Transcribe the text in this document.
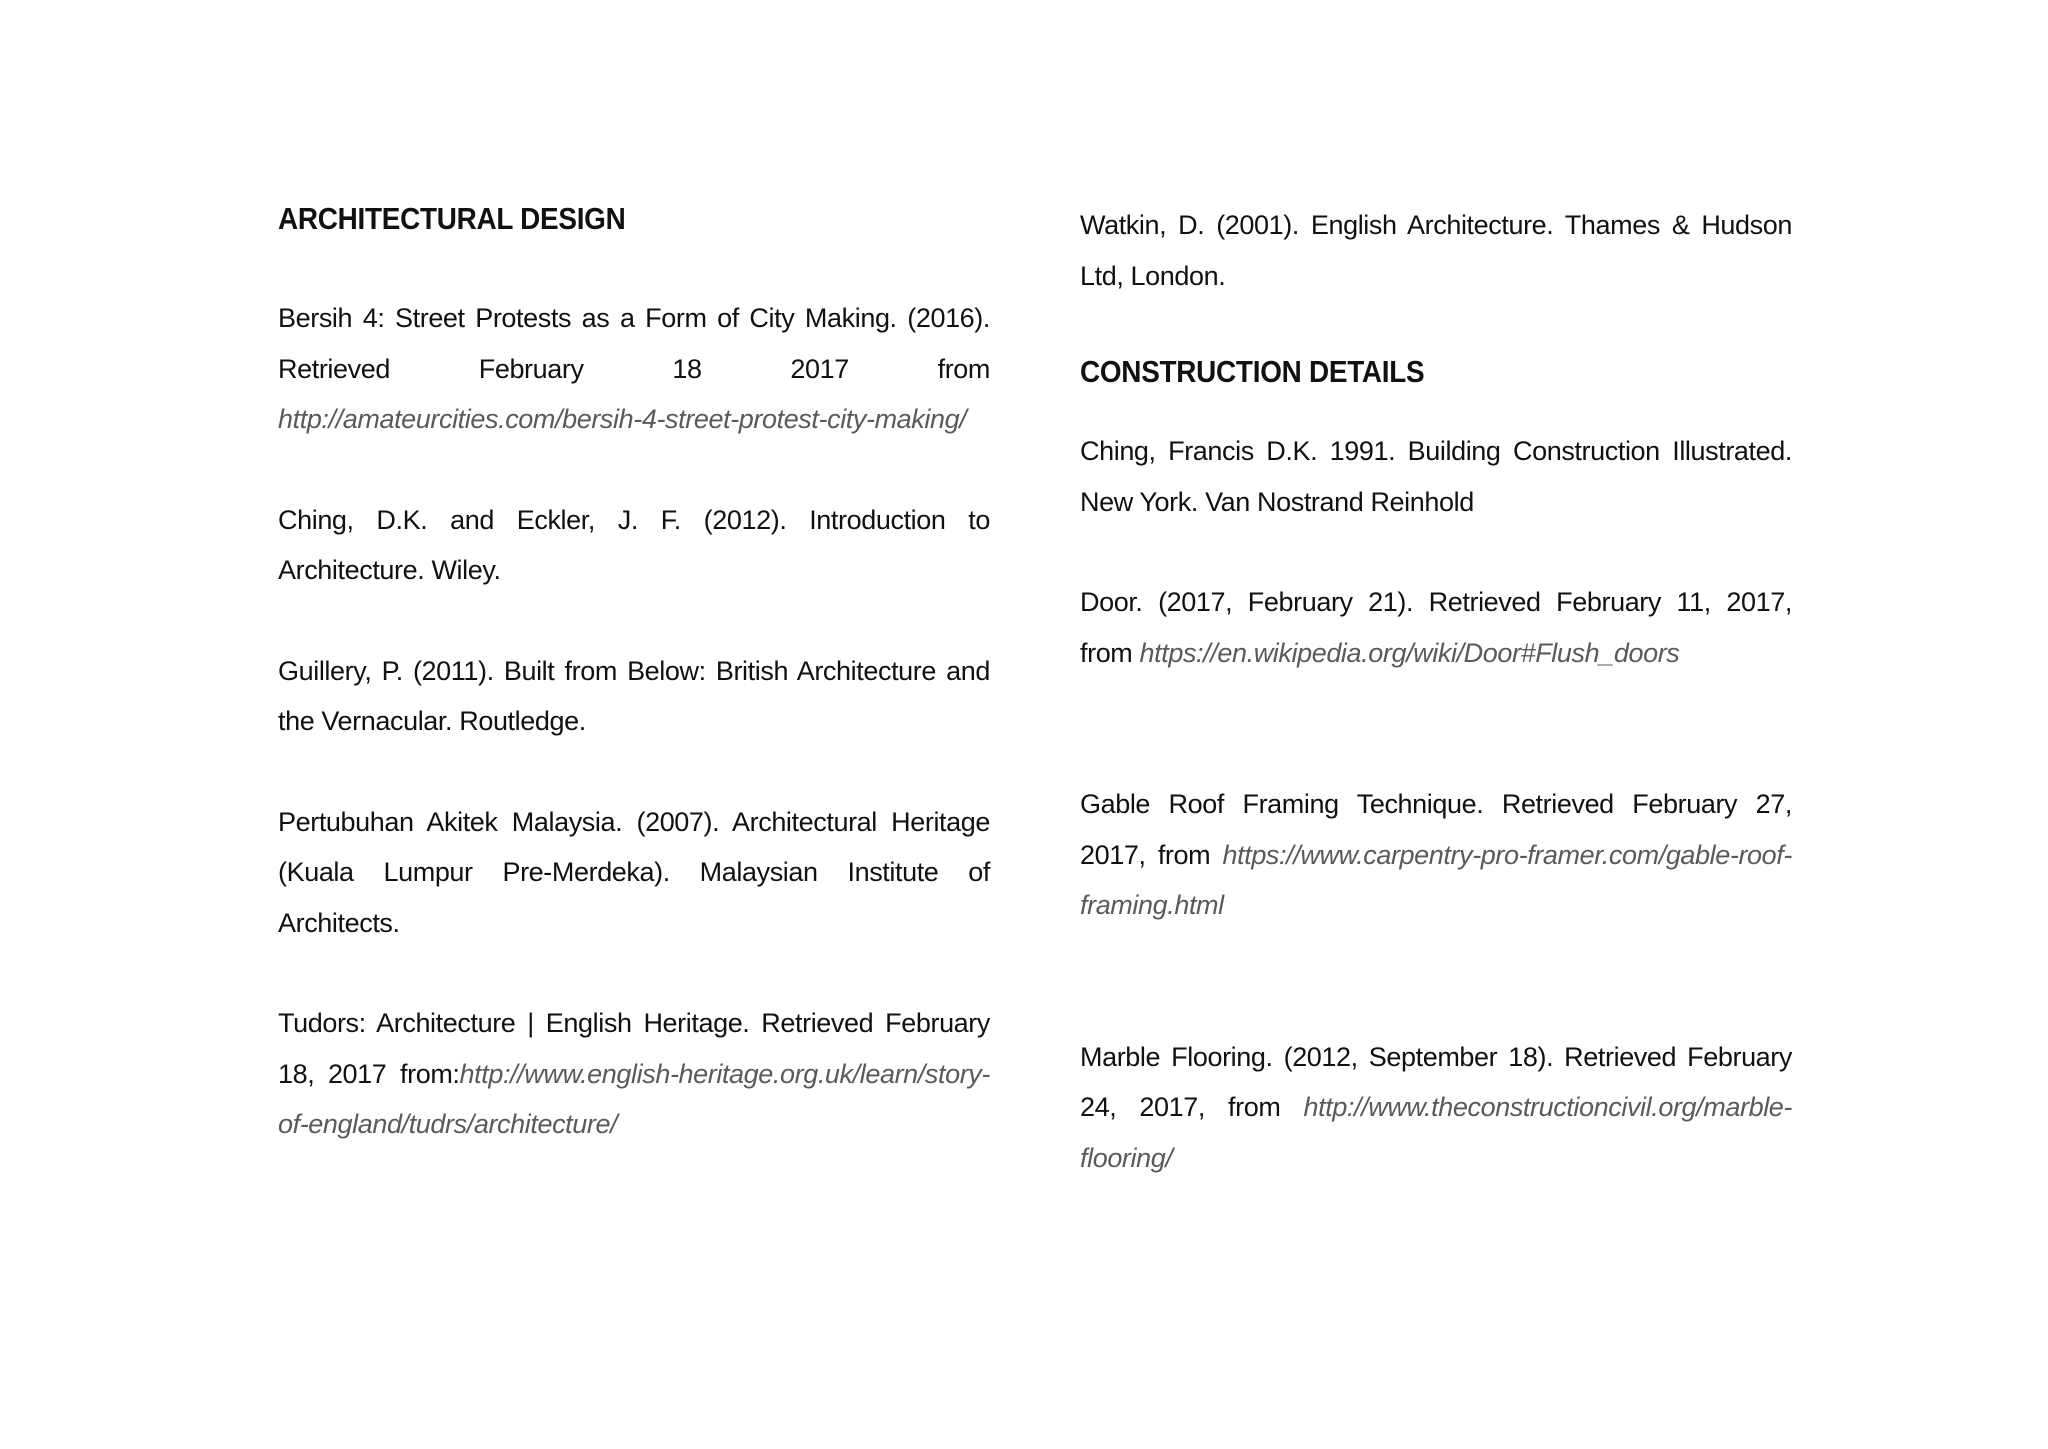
ARCHITECTURAL DESIGN

Bersih 4: Street Protests as a Form of City Making. (2016). Retrieved February 18 2017 from http://amateurcities.com/bersih-4-street-protest-city-making/

Ching, D.K. and Eckler, J. F. (2012). Introduction to Architecture. Wiley.

Guillery, P. (2011). Built from Below: British Architecture and the Vernacular. Routledge.

Pertubuhan Akitek Malaysia. (2007). Architectural Heritage (Kuala Lumpur Pre-Merdeka). Malaysian Institute of Architects.

Tudors: Architecture | English Heritage. Retrieved February 18, 2017 from:http://www.english-heritage.org.uk/learn/story-of-england/tudrs/architecture/

Watkin, D. (2001). English Architecture. Thames & Hudson Ltd, London.

CONSTRUCTION DETAILS

Ching, Francis D.K. 1991. Building Construction Illustrated. New York. Van Nostrand Reinhold

Door. (2017, February 21). Retrieved February 11, 2017, from https://en.wikipedia.org/wiki/Door#Flush_doors

Gable Roof Framing Technique. Retrieved February 27, 2017, from https://www.carpentry-pro-framer.com/gable-roof-framing.html

Marble Flooring. (2012, September 18). Retrieved February 24, 2017, from http://www.theconstructioncivil.org/marble-flooring/
